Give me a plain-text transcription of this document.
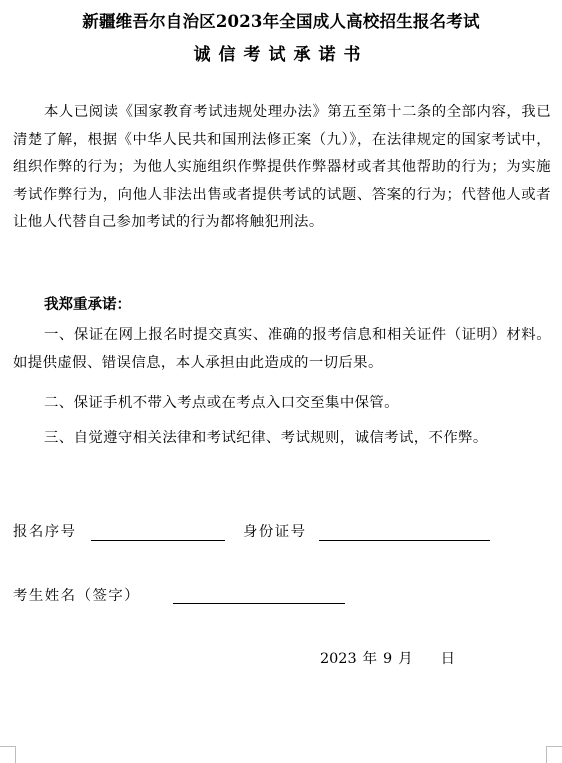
新疆维吾尔自治区2023年全国成人高校招生报名考试
诚信考试承诺书
本人已阅读《国家教育考试违规处理办法》第五至第十二条的全部内容，我已清楚了解，根据《中华人民共和国刑法修正案（九）》，在法律规定的国家考试中，组织作弊的行为；为他人实施组织作弊提供作弊器材或者其他帮助的行为；为实施考试作弊行为，向他人非法出售或者提供考试的试题、答案的行为；代替他人或者让他人代替自己参加考试的行为都将触犯刑法。
我郑重承诺：
一、保证在网上报名时提交真实、准确的报考信息和相关证件（证明）材料。如提供虚假、错误信息，本人承担由此造成的一切后果。
二、保证手机不带入考点或在考点入口交至集中保管。
三、自觉遵守相关法律和考试纪律、考试规则，诚信考试，不作弊。
报名序号	身份证号
考生姓名（签字）
2023 年 9 月 日
